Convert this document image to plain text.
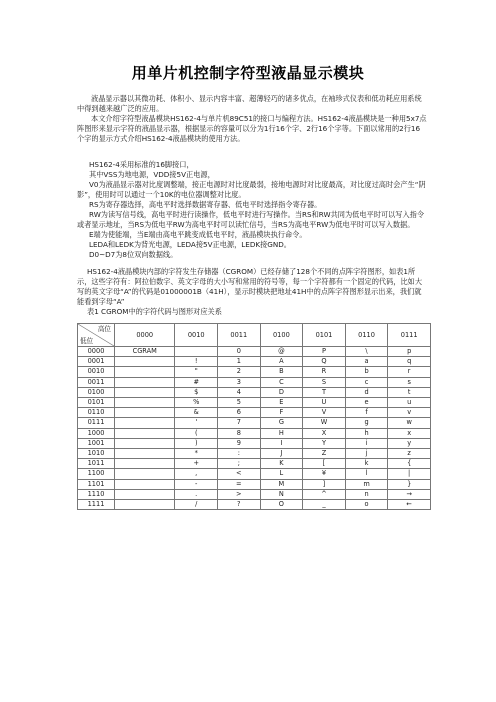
用单片机控制字符型液晶显示模块

液晶显示器以其微功耗、体积小、显示内容丰富、超薄轻巧的诸多优点，在袖珍式仪表和低功耗应用系统中得到越来越广泛的应用。

本文介绍字符型液晶模块HS162-4与单片机89C51的接口与编程方法。HS162-4液晶模块是一种用5x7点阵图形来显示字符的液晶显示器，根据显示的容量可以分为1行16个字、2行16个字等。下面以常用的2行16个字的显示方式介绍HS162-4液晶模块的使用方法。

HS162-4采用标准的16脚接口，

其中VSS为地电源，VDD接5V正电源，

V0为液晶显示器对比度调整端，接正电源时对比度最弱，接地电源时对比度最高，对比度过高时会产生“阴影”，使用时可以通过一个10K的电位器调整对比度。

RS为寄存器选择，高电平时选择数据寄存器、低电平时选择指令寄存器。

RW为读写信号线，高电平时进行读操作，低电平时进行写操作。当RS和RW共同为低电平时可以写入指令或者显示地址，当RS为低电平RW为高电平时可以读忙信号，当RS为高电平RW为低电平时可以写入数据。

E端为使能端，当E端由高电平跳变成低电平时，液晶模块执行命令。

LEDA和LEDK为背光电源，LEDA接5V正电源，LEDK接GND。

D0~D7为8位双向数据线。

HS162-4液晶模块内部的字符发生存储器（CGROM）已经存储了128个不同的点阵字符图形，如表1所示，这些字符有：阿拉伯数字、英文字母的大小写和常用的符号等，每一个字符都有一个固定的代码，比如大写的英文字母“A”的代码是01000001B（41H），显示时模块把地址41H中的点阵字符图形显示出来，我们就能看到字母“A”

表1 CGROM中的字符代码与图形对应关系

高位
低位	0000	0010	0011	0100	0101	0110	0111
0000	CGRAM		0	@	P	\	p
0001		!	1	A	Q	a	q
0010		"	2	B	R	b	r
0011		#	3	C	S	c	s
0100		$	4	D	T	d	t
0101		%	5	E	U	e	u
0110		&	6	F	V	f	v
0111		'	7	G	W	g	w
1000		(	8	H	X	h	x
1001		)	9	I	Y	i	y
1010		*	:	J	Z	j	z
1011		+	;	K	[	k	{
1100		,	<	L	¥	l	|
1101		-	=	M	]	m	}
1110		.	>	N	^	n	→
1111		/	?	O	_	o	←
